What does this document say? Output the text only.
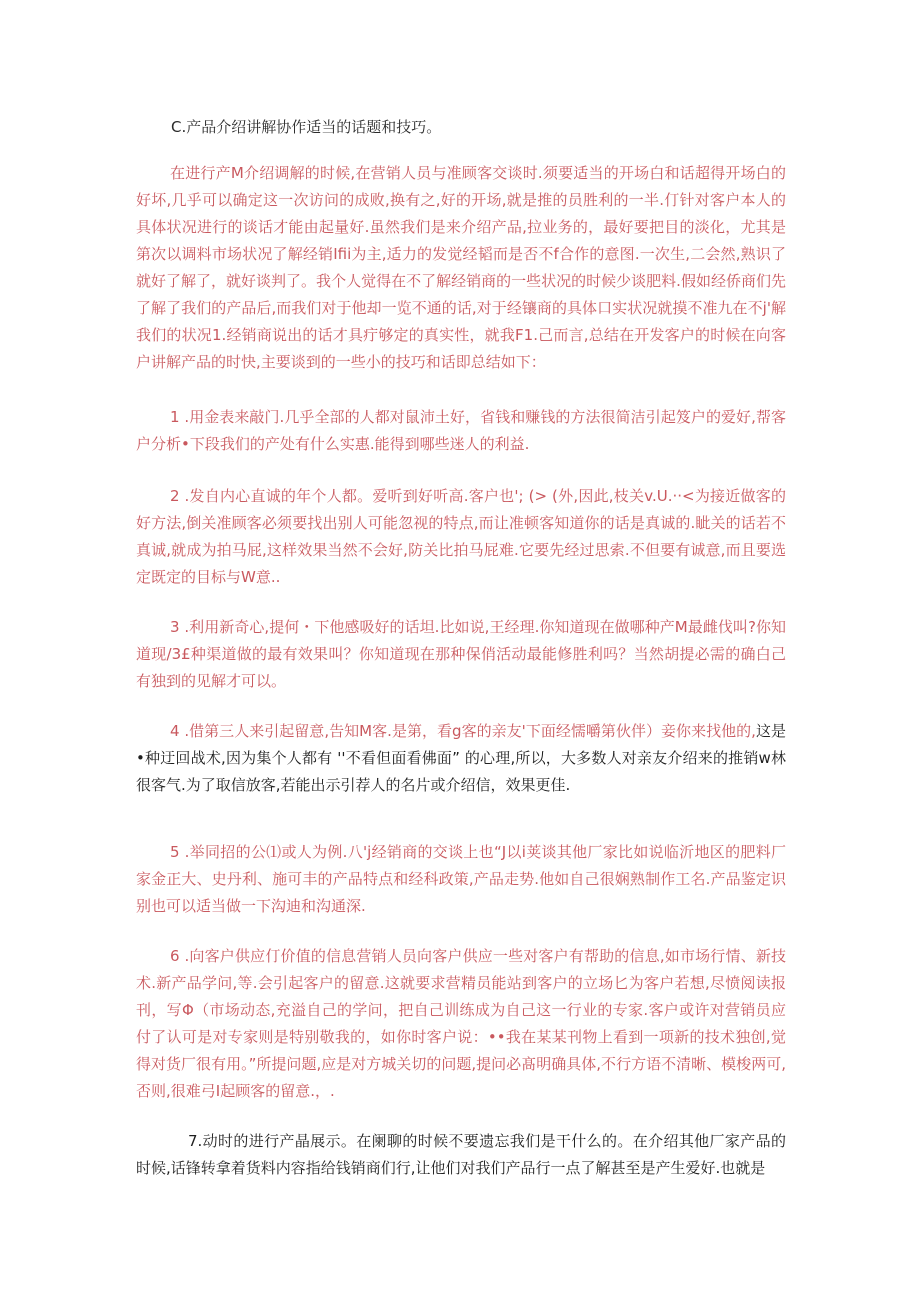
C.产品介绍讲解协作适当的话题和技巧。

在进行产M介绍调解的时候,在营销人员与准顾客交谈时.须要适当的开场白和话超得开场白的好坏,几乎可以确定这一次访问的成败,换有之,好的开场,就是推的员胜利的一半.仃针对客户本人的具体状况进行的谈话才能由起量好.虽然我们是来介绍产品,拉业务的，最好要把目的淡化，尤其是第次以调料市场状况了解经销Ifii为主,适力的发觉经韬而是否不f合作的意图.一次生,二会然,熟识了就好了解了，就好谈判了。我个人觉得在不了解经销商的一些状况的时候少谈肥料.假如经侨商们先了解了我们的产品后,而我们对于他却一览不通的话,对于经镶商的具体口实状况就摸不准九在不j'解我们的状况1.经销商说出的话才具疔够定的真实性，就我F1.己而言,总结在开发客户的时候在向客户讲解产品的时快,主要谈到的一些小的技巧和话即总结如下：

1 .用金表来敲门.几乎全部的人都对鼠沛土好，省钱和赚钱的方法很简洁引起笈户的爱好,帮客户分析•下段我们的产处有什么实惠.能得到哪些迷人的利益.

2 .发自内心直诚的年个人都。爱听到好听高.客户也'; (> (外,因此,枝关v.U.··<为接近做客的好方法,倒关准顾客必须要找出别人可能忽视的特点,而让准顿客知道你的话是真诚的.眦关的话若不真诚,就成为拍马屁,这样效果当然不会好,防关比拍马屁难.它要先经过思索.不但要有诚意,而且要选定既定的目标与W意..

3 .利用新奇心,提何・下他感吸好的话坦.比如说,王经理.你知道现在做哪种产M最雌伐叫?你知道现/3£种渠道做的最有效果叫？你知道现在那种保俏活动最能修胜利吗？当然胡提必需的确白己有独到的见解才可以。

4 .借第三人来引起留意,告知M客.是第，看g客的亲友'下面经懦嚼第伙伴）妾你来找他的,这是•种迂回战术,因为集个人都有 ''不看但面看佛面” 的心理,所以，大多数人对亲友介绍来的推销w林很客气.为了取信放客,若能出示引荐人的名片或介绍信，效果更佳.

5 .举同招的公⑴或人为例.八'j经销商的交谈上也“J以i荚谈其他厂家比如说临沂地区的肥料厂家金正大、史丹利、施可丰的产品特点和经科政策,产品走势.他如自己很娴熟制作工名.产品鉴定识别也可以适当做一下沟迪和沟通深.

6 .向客户供应仃价值的信息营销人员向客户供应一些对客户有帮助的信息,如市场行情、新技术.新产品学问,等.会引起客户的留意.这就要求营精员能站到客户的立场匕为客户若想,尽愤阅读报刊，写Φ（市场动态,充溢自己的学问，把自己训练成为自己这一行业的专家.客户或许对营销员应付了认可是对专家则是特别敬我的，如你时客户说：••我在某某刊物上看到一项新的技术独创,觉得对货厂很有用。”所提问题,应是对方城关切的问题,提问必髙明确具体,不行方语不清晰、模梭两可,否则,很难弓I起顾客的留意.，.

7.动时的进行产晶展示。在阑聊的时候不要遗忘我们是干什么的。在介绍其他厂家产品的时候,话锋转拿着货料内容指给钱销商们行,让他们对我们产品行一点了解甚至是产生爱好.也就是
